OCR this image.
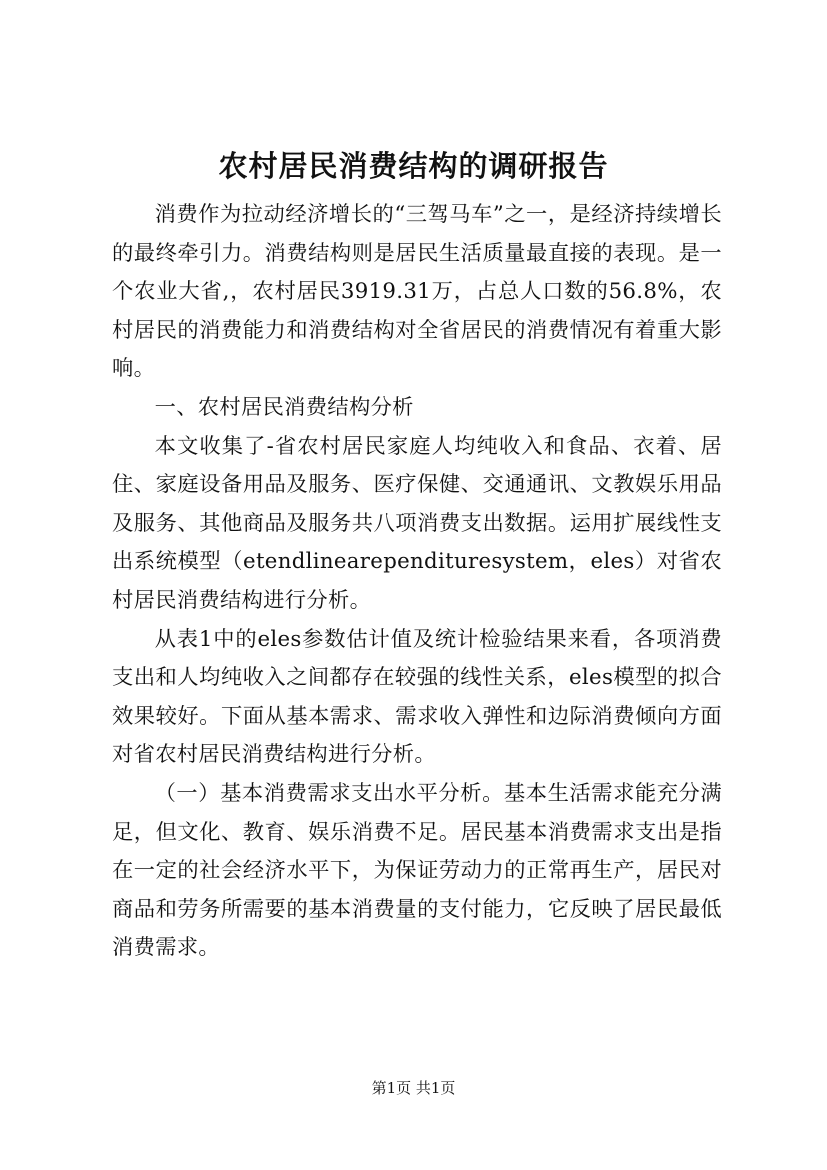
农村居民消费结构的调研报告

消费作为拉动经济增长的“三驾马车”之一，是经济持续增长的最终牵引力。消费结构则是居民生活质量最直接的表现。是一个农业大省,，农村居民3919.31万，占总人口数的56.8%，农村居民的消费能力和消费结构对全省居民的消费情况有着重大影响。

一、农村居民消费结构分析

本文收集了-省农村居民家庭人均纯收入和食品、衣着、居住、家庭设备用品及服务、医疗保健、交通通讯、文教娱乐用品及服务、其他商品及服务共八项消费支出数据。运用扩展线性支出系统模型（etendlinearependituresystem，eles）对省农村居民消费结构进行分析。

从表1中的eles参数估计值及统计检验结果来看，各项消费支出和人均纯收入之间都存在较强的线性关系，eles模型的拟合效果较好。下面从基本需求、需求收入弹性和边际消费倾向方面对省农村居民消费结构进行分析。

（一）基本消费需求支出水平分析。基本生活需求能充分满足，但文化、教育、娱乐消费不足。居民基本消费需求支出是指在一定的社会经济水平下，为保证劳动力的正常再生产，居民对商品和劳务所需要的基本消费量的支付能力，它反映了居民最低消费需求。

第1页 共1页
